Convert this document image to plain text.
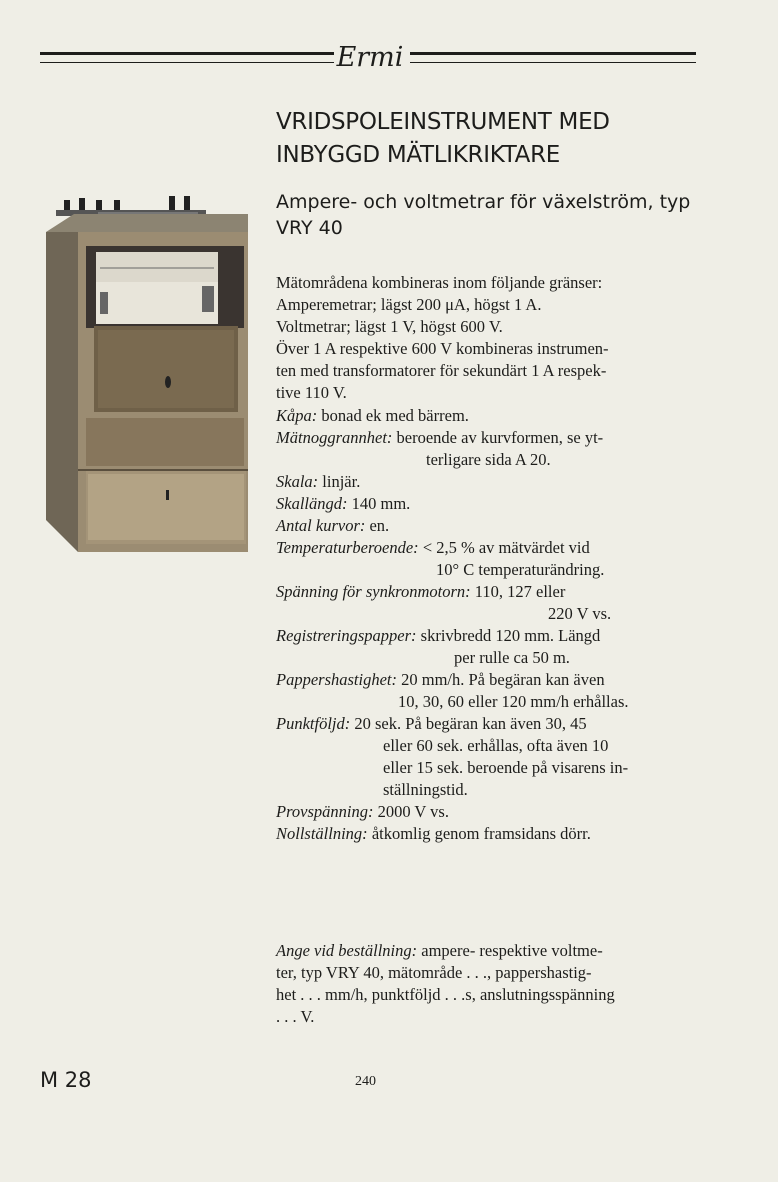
Ermi
VRIDSPOLEINSTRUMENT MED
INBYGGD MÄTLIKRIKTARE
Ampere- och voltmetrar för växelström, typ
VRY 40
Mätområdena kombineras inom följande gränser:
Amperemetrar; lägst 200 μA, högst 1 A.
Voltmetrar; lägst 1 V, högst 600 V.
Över 1 A respektive 600 V kombineras instrumen-
ten med transformatorer för sekundärt 1 A respek-
tive 110 V.
Kåpa: bonad ek med bärrem.
Mätnoggrannhet: beroende av kurvformen, se yt-
terligare sida A 20.
Skala: linjär.
Skallängd: 140 mm.
Antal kurvor: en.
Temperaturberoende: < 2,5 % av mätvärdet vid
10° C temperaturändring.
Spänning för synkronmotorn: 110, 127 eller
220 V vs.
Registreringspapper: skrivbredd 120 mm. Längd
per rulle ca 50 m.
Pappershastighet: 20 mm/h. På begäran kan även
10, 30, 60 eller 120 mm/h erhållas.
Punktföljd: 20 sek. På begäran kan även 30, 45
eller 60 sek. erhållas, ofta även 10
eller 15 sek. beroende på visarens in-
ställningstid.
Provspänning: 2000 V vs.
Nollställning: åtkomlig genom framsidans dörr.
Ange vid beställning: ampere- respektive voltme-
ter, typ VRY 40, mätområde . . ., pappershastig-
het . . . mm/h, punktföljd . . .s, anslutningsspänning
. . . V.
M 28	240
